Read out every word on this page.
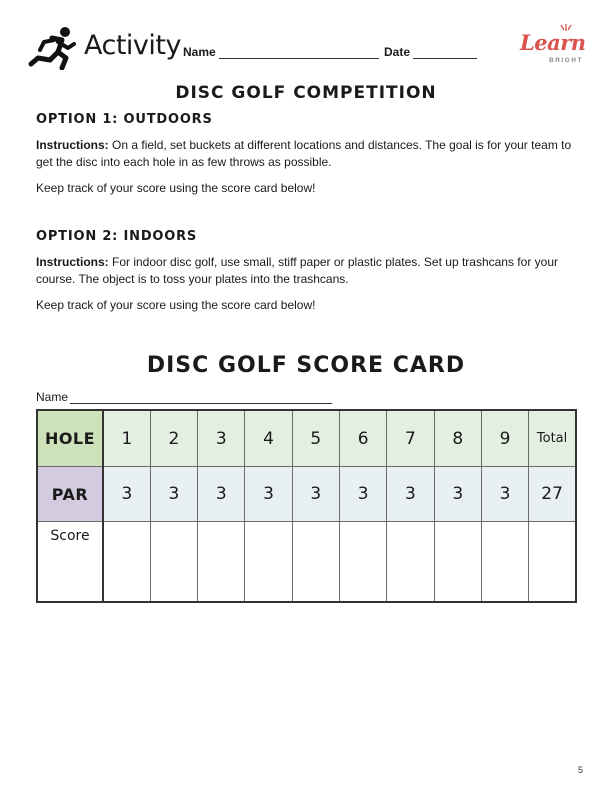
Activity Name	Date	Learn
BRIGHT
DISC GOLF COMPETITION
OPTION 1: OUTDOORS
Instructions: On a field, set buckets at different locations and distances. The goal is for your team to get the disc into each hole in as few throws as possible.
Keep track of your score using the score card below!
OPTION 2: INDOORS
Instructions: For indoor disc golf, use small, stiff paper or plastic plates. Set up trashcans for your course. The object is to toss your plates into the trashcans.
Keep track of your score using the score card below!
DISC GOLF SCORE CARD
Name
HOLE	1	2	3	4	5	6	7	8	9	Total
PAR	3	3	3	3	3	3	3	3	3	27
Score										
5
